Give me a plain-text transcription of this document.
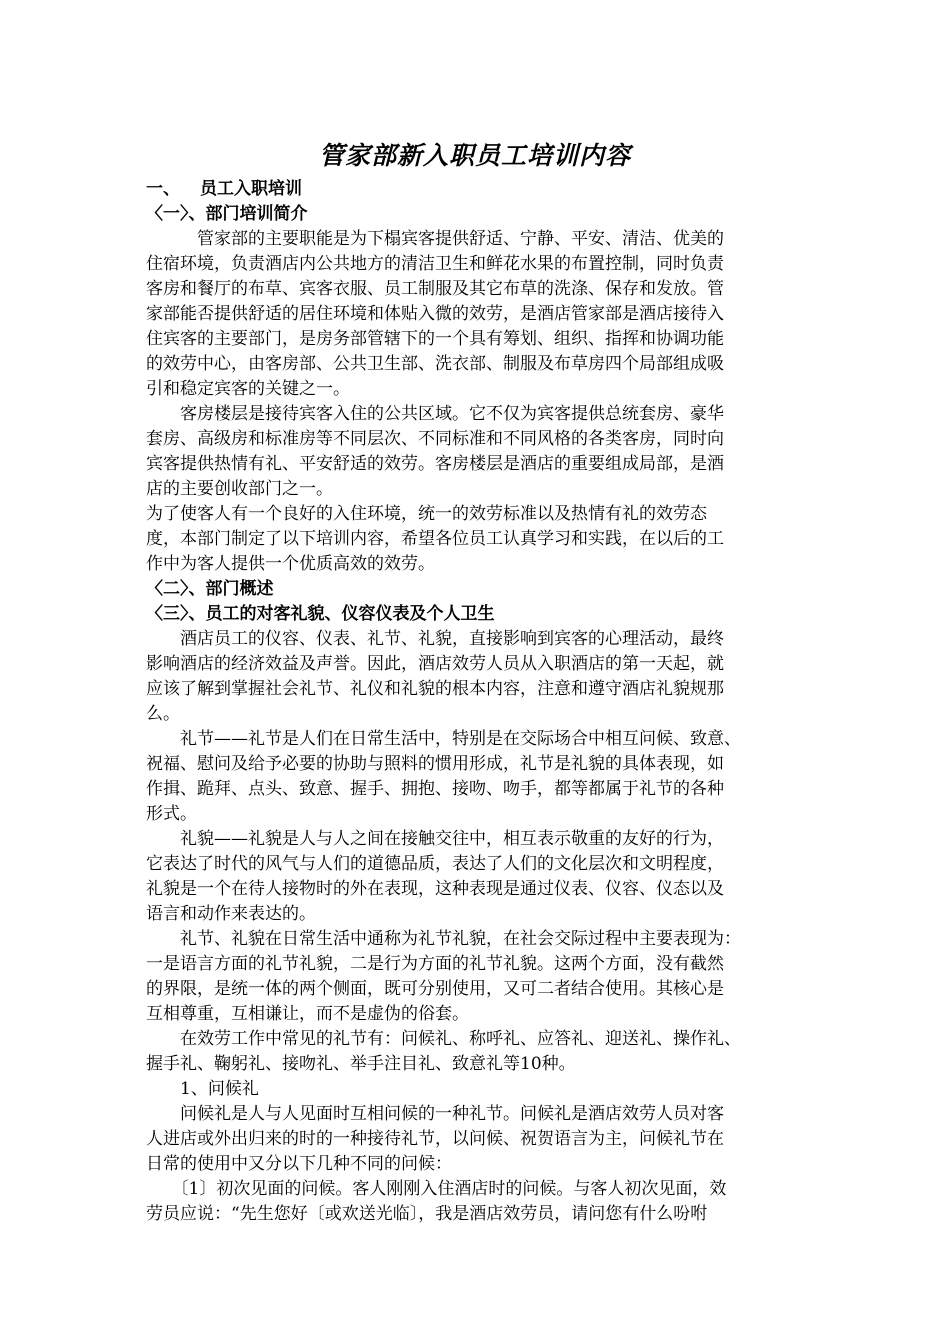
管家部新入职员工培训内容
一、 员工入职培训
〈一〉、部门培训简介
　　　管家部的主要职能是为下榻宾客提供舒适、宁静、平安、清洁、优美的
住宿环境，负责酒店内公共地方的清洁卫生和鲜花水果的布置控制，同时负责
客房和餐厅的布草、宾客衣服、员工制服及其它布草的洗涤、保存和发放。管
家部能否提供舒适的居住环境和体贴入微的效劳，是酒店管家部是酒店接待入
住宾客的主要部门，是房务部管辖下的一个具有筹划、组织、指挥和协调功能
的效劳中心，由客房部、公共卫生部、洗衣部、制服及布草房四个局部组成吸
引和稳定宾客的关键之一。
　　客房楼层是接待宾客入住的公共区域。它不仅为宾客提供总统套房、豪华
套房、高级房和标准房等不同层次、不同标准和不同风格的各类客房，同时向
宾客提供热情有礼、平安舒适的效劳。客房楼层是酒店的重要组成局部，是酒
店的主要创收部门之一。
为了使客人有一个良好的入住环境，统一的效劳标准以及热情有礼的效劳态
度，本部门制定了以下培训内容，希望各位员工认真学习和实践，在以后的工
作中为客人提供一个优质高效的效劳。
〈二〉、部门概述
〈三〉、员工的对客礼貌、仪容仪表及个人卫生
　　酒店员工的仪容、仪表、礼节、礼貌，直接影响到宾客的心理活动，最终
影响酒店的经济效益及声誉。因此，酒店效劳人员从入职酒店的第一天起，就
应该了解到掌握社会礼节、礼仪和礼貌的根本内容，注意和遵守酒店礼貌规那
么。
　　礼节——礼节是人们在日常生活中，特别是在交际场合中相互问候、致意、
祝福、慰问及给予必要的协助与照料的惯用形成，礼节是礼貌的具体表现，如
作揖、跪拜、点头、致意、握手、拥抱、接吻、吻手，都等都属于礼节的各种
形式。
　　礼貌——礼貌是人与人之间在接触交往中，相互表示敬重的友好的行为，
它表达了时代的风气与人们的道德品质，表达了人们的文化层次和文明程度，
礼貌是一个在待人接物时的外在表现，这种表现是通过仪表、仪容、仪态以及
语言和动作来表达的。
　　礼节、礼貌在日常生活中通称为礼节礼貌，在社会交际过程中主要表现为：
一是语言方面的礼节礼貌，二是行为方面的礼节礼貌。这两个方面，没有截然
的界限，是统一体的两个侧面，既可分别使用，又可二者结合使用。其核心是
互相尊重，互相谦让，而不是虚伪的俗套。
　　在效劳工作中常见的礼节有：问候礼、称呼礼、应答礼、迎送礼、操作礼、
握手礼、鞠躬礼、接吻礼、举手注目礼、致意礼等10种。
　　1、问候礼
　　问候礼是人与人见面时互相问候的一种礼节。问候礼是酒店效劳人员对客
人进店或外出归来的时的一种接待礼节，以问候、祝贺语言为主，问候礼节在
日常的使用中又分以下几种不同的问候：
　　〔1〕初次见面的问候。客人刚刚入住酒店时的问候。与客人初次见面，效
劳员应说：“先生您好〔或欢送光临〕，我是酒店效劳员，请问您有什么吩咐
